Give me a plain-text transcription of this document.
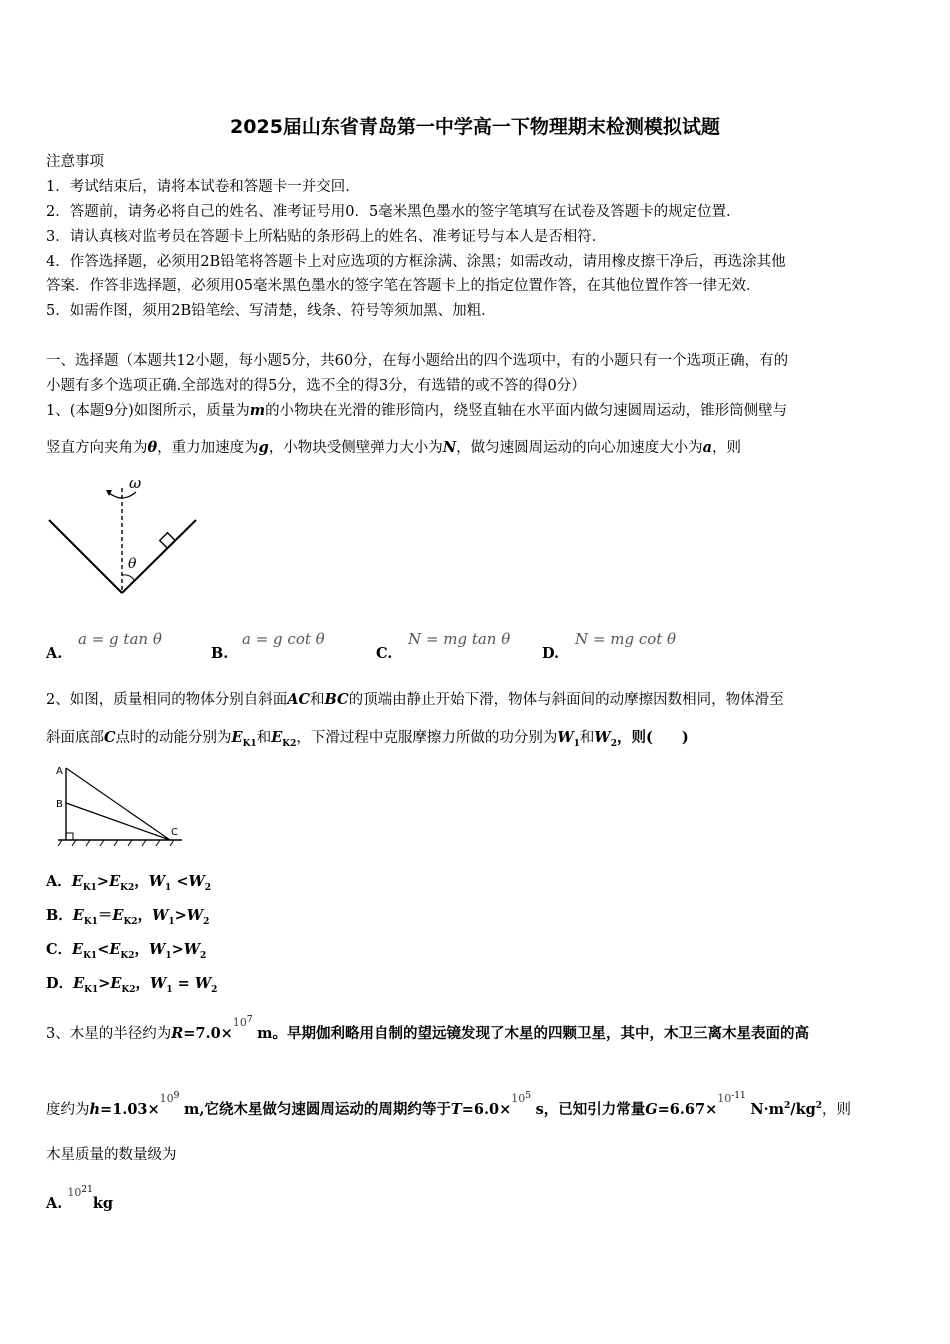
2025届山东省青岛第一中学高一下物理期末检测模拟试题
注意事项
1．考试结束后，请将本试卷和答题卡一并交回．
2．答题前，请务必将自己的姓名、准考证号用0．5毫米黑色墨水的签字笔填写在试卷及答题卡的规定位置．
3．请认真核对监考员在答题卡上所粘贴的条形码上的姓名、准考证号与本人是否相符．
4．作答选择题，必须用2B铅笔将答题卡上对应选项的方框涂满、涂黑；如需改动，请用橡皮擦干净后，再选涂其他
答案．作答非选择题，必须用05毫米黑色墨水的签字笔在答题卡上的指定位置作答，在其他位置作答一律无效．
5．如需作图，须用2B铅笔绘、写清楚，线条、符号等须加黑、加粗．
一、选择题（本题共12小题，每小题5分，共60分，在每小题给出的四个选项中，有的小题只有一个选项正确，有的
小题有多个选项正确.全部选对的得5分，选不全的得3分，有选错的或不答的得0分）
1、(本题9分)如图所示，质量为m的小物块在光滑的锥形筒内，绕竖直轴在水平面内做匀速圆周运动，锥形筒侧壁与
竖直方向夹角为θ，重力加速度为g，小物块受侧壁弹力大小为N，做匀速圆周运动的向心加速度大小为a，则
ω
θ
A.
a = g tan θ
B.
a = g cot θ
C.
N = mg tan θ
D.
N = mg cot θ
2、如图，质量相同的物体分别自斜面AC和BC的顶端由静止开始下滑，物体与斜面间的动摩擦因数相同，物体滑至
斜面底部C点时的动能分别为$E_{K1}$和$E_{K2}$，下滑过程中克服摩擦力所做的功分别为$W_1$和$W_2$，则(　　)
A
B
C
A．$E_{K1}>E_{K2}$，$W_1 <W_2$
B．$E_{K1}=E_{K2}$，$W_1>W_2$
C．$E_{K1}<E_{K2}$，$W_1>W_2$
D．$E_{K1}>E_{K2}$，$W_1 = W_2$
3、木星的半径约为R=7.0×$^{107}$ m。早期伽利略用自制的望远镜发现了木星的四颗卫星，其中，木卫三离木星表面的高
度约为h=1.03×$^{109}$ m,它绕木星做匀速圆周运动的周期约等于T=6.0×$^{105}$ s，已知引力常量G=6.67×$^{10-11}$ $N\cdot m^2/kg^2$，则
木星质量的数量级为
A. $^{1021}$kg
